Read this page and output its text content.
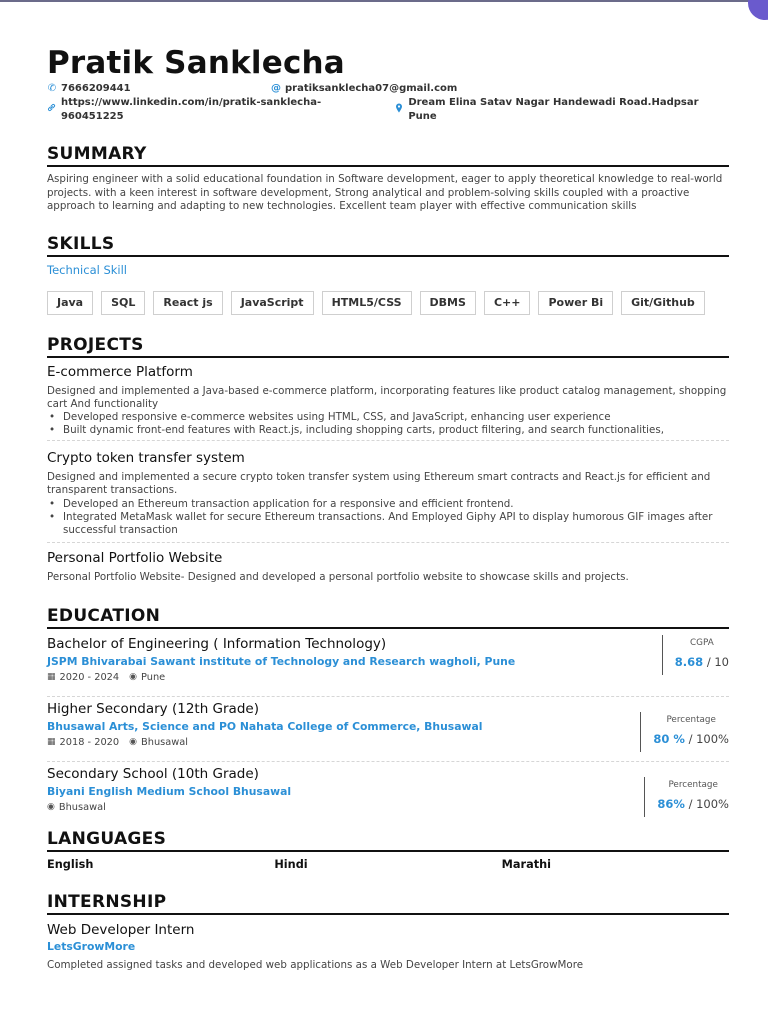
Pratik Sanklecha
✆ 7666209441	@ pratiksanklecha07@gmail.com
https://www.linkedin.com/in/pratik-sanklecha-960451225
Dream Elina Satav Nagar Handewadi Road.Hadpsar Pune
SUMMARY
Aspiring engineer with a solid educational foundation in Software development, eager to apply theoretical knowledge to real-world projects. with a keen interest in software development, Strong analytical and problem-solving skills coupled with a proactive approach to learning and adapting to new technologies. Excellent team player with effective communication skills
SKILLS
Technical Skill
Java	SQL	React js	JavaScript	HTML5/CSS	DBMS	C++	Power Bi	Git/Github
PROJECTS
E-commerce Platform
Designed and implemented a Java-based e-commerce platform, incorporating features like product catalog management, shopping cart And functionality
• Developed responsive e-commerce websites using HTML, CSS, and JavaScript, enhancing user experience
• Built dynamic front-end features with React.js, including shopping carts, product filtering, and search functionalities,
Crypto token transfer system
Designed and implemented a secure crypto token transfer system using Ethereum smart contracts and React.js for efficient and transparent transactions.
• Developed an Ethereum transaction application for a responsive and efficient frontend.
• Integrated MetaMask wallet for secure Ethereum transactions. And Employed Giphy API to display humorous GIF images after successful transaction
Personal Portfolio Website
Personal Portfolio Website- Designed and developed a personal portfolio website to showcase skills and projects.
EDUCATION
Bachelor of Engineering ( Information Technology)
JSPM Bhivarabai Sawant institute of Technology and Research wagholi, Pune
▦ 2020 - 2024 ◉ Pune
CGPA
8.68 / 10
Higher Secondary (12th Grade)
Bhusawal Arts, Science and PO Nahata College of Commerce, Bhusawal
▦ 2018 - 2020 ◉ Bhusawal
Percentage
80 % / 100%
Secondary School (10th Grade)
Biyani English Medium School Bhusawal
◉ Bhusawal
Percentage
86% / 100%
LANGUAGES
English	Hindi	Marathi
INTERNSHIP
Web Developer Intern
LetsGrowMore
Completed assigned tasks and developed web applications as a Web Developer Intern at LetsGrowMore
